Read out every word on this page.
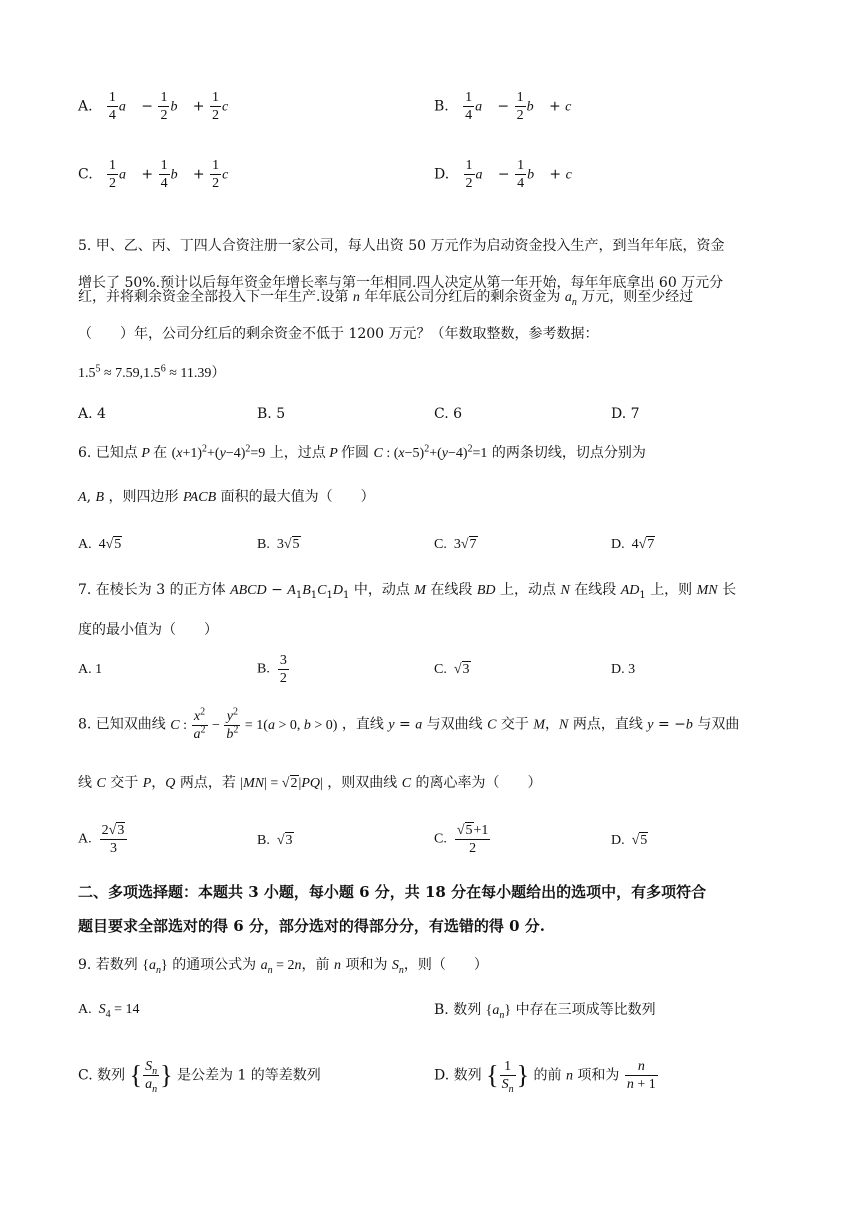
A. $\frac{1}{4}$ a⃗ − $\frac{1}{2}$ b⃗ + $\frac{1}{2}$ c⃗	B. $\frac{1}{4}$ a⃗ − $\frac{1}{2}$ b⃗ + c⃗
C. $\frac{1}{2}$ a⃗ + $\frac{1}{4}$ b⃗ + $\frac{1}{2}$ c⃗	D. $\frac{1}{2}$ a⃗ − $\frac{1}{4}$ b⃗ + c⃗
5. 甲、乙、丙、丁四人合资注册一家公司，每人出资 50 万元作为启动资金投入生产，到当年年底，资金
增长了 50%.预计以后每年资金年增长率与第一年相同.四人决定从第一年开始，每年年底拿出 60 万元分
红，并将剩余资金全部投入下一年生产.设第 n 年年底公司分红后的剩余资金为 $a_n$ 万元，则至少经过
（　　）年，公司分红后的剩余资金不低于 1200 万元？（年数取整数，参考数据：
$1.5^5 \approx 7.59,1.5^6 \approx 11.39$）
A. 4	B. 5	C. 6	D. 7
6. 已知点 P 在 $(x+1)^2+(y-4)^2=9$ 上，过点 P 作圆 C : $(x-5)^2+(y-4)^2=1$ 的两条切线，切点分别为
A, B ，则四边形 PACB 面积的最大值为（　　）
A.  4√5	B.  3√5	C.  3√7	D.  4√7
7. 在棱长为 3 的正方体 ABCD − $A_1B_1C_1D_1$ 中，动点 M 在线段 BD 上，动点 N 在线段 $AD_1$ 上，则 MN 长
度的最小值为（　　）
A. 1	B. $\frac{3}{2}$	C.  √3	D. 3
8. 已知双曲线 C : $\frac{x^2}{a^2} - \frac{y^2}{b^2} = 1(a > 0$, b > 0) ，直线 y = a 与双曲线 C 交于 M，N 两点，直线 y = −b 与双曲
线 C 交于 P，Q 两点，若 |MN| = √2|PQ| ，则双曲线 C 的离心率为（　　）
A. $\frac{2√3}{3}$	B.  √3	C. $\frac{√5+1}{2}$	D.  √5
二、多项选择题：本题共 3 小题，每小题 6 分，共 18 分在每小题给出的选项中，有多项符合
题目要求全部选对的得 6 分，部分选对的得部分分，有选错的得 0 分.
9. 若数列 $\{a_n\}$ 的通项公式为 $a_n = 2n$，前 n 项和为 $S_n$，则（　　）
A. $S_4 = 14$	B. 数列 $\{a_n\}$ 中存在三项成等比数列
C. 数列 { $\frac{S_n}{a_n}$ } 是公差为 1 的等差数列	D. 数列 { $\frac{1}{S_n}$ } 的前 n 项和为 $\frac{n}{n + 1}$
